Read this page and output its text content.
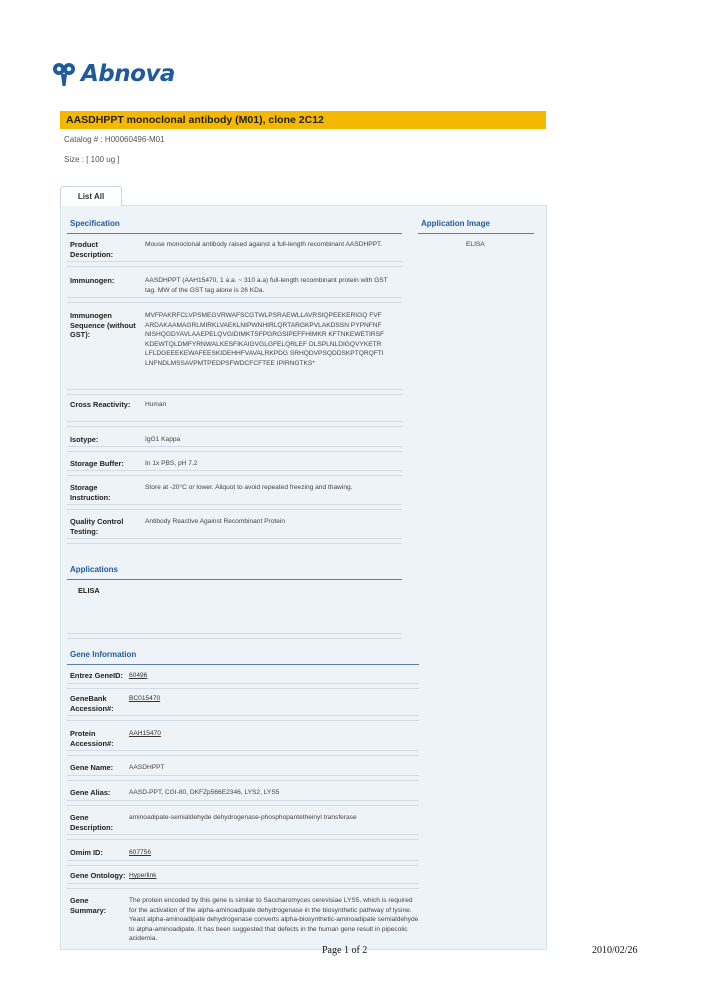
Abnova
AASDHPPT monoclonal antibody (M01), clone 2C12
Catalog # : H00060496-M01
Size : [ 100 ug ]
List All
Specification	Application Image
ELISA
Product Description:
Mouse monoclonal antibody raised against a full-length recombinant AASDHPPT.
Immunogen:	AASDHPPT (AAH15470, 1 a.a. ~ 310 a.a) full-length recombinant protein with GST tag. MW of the GST tag alone is 26 KDa.
Immunogen Sequence (without GST):
MVFPAKRFCLVPSMEGVRWAFSCGTWLPSRAEWLLAVRSIQPEEKERIGQ FVFARDAKAAMAGRLMIRKLVAEKLNIPWNHIRLQRTARGKPVLAKDSSN PYPNFNFNISHQGDYAVLAAEPELQVGIDIMKTSFPGRGSIPEFFHIMKR KFTNKEWETIRSFKDEWTQLDMFYRNWALKESFIKAIGVGLGFELQRLEF DLSPLNLDIGQVYKETRLFLDGEEEKEWAFEESKIDEHHFVAVALRKPDG SRHQDVPSQDDSKPTQRQFTILNFNDLMSSAVPMTPEDPSFWDCFCFTEE IPIRNGTKS*
Cross Reactivity:	Human
Isotype:	IgG1 Kappa
Storage Buffer:	In 1x PBS, pH 7.2
Storage Instruction:
Store at -20°C or lower. Aliquot to avoid repeated freezing and thawing.
Quality Control Testing:
Antibody Reactive Against Recombinant Protein
Applications
ELISA
Gene Information
Entrez GeneID: 60496
GeneBank Accession#:
BC015470
Protein Accession#:
AAH15470
Gene Name:	AASDHPPT
Gene Alias:	AASD-PPT, CGI-80, DKFZp566E2346, LYS2, LYS5
Gene Description:
aminoadipate-semialdehyde dehydrogenase-phosphopantetheinyl transferase
Omim ID:	607756
Gene Ontology: Hyperlink
Gene Summary:
The protein encoded by this gene is similar to Saccharomyces cerevisiae LYS5, which is required for the activation of the alpha-aminoadipate dehydrogenase in the biosynthetic pathway of lysine. Yeast alpha-aminoadipate dehydrogenase converts alpha-biosynthetic-aminoadipate semialdehyde to alpha-aminoadipate. It has been suggested that defects in the human gene result in pipecolic acidemia.
Page 1 of 2	2010/02/26
